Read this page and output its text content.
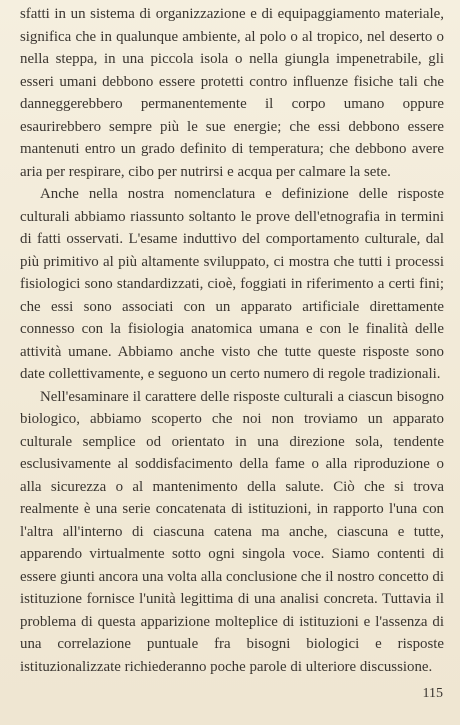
sfatti in un sistema di organizzazione e di equipaggiamento materiale, significa che in qualunque ambiente, al polo o al tropico, nel deserto o nella steppa, in una piccola isola o nella giungla impenetrabile, gli esseri umani debbono essere protetti contro influenze fisiche tali che danneggerebbero permanentemente il corpo umano oppure esaurirebbero sempre più le sue energie; che essi debbono essere mantenuti entro un grado definito di temperatura; che debbono avere aria per respirare, cibo per nutrirsi e acqua per calmare la sete.

Anche nella nostra nomenclatura e definizione delle risposte culturali abbiamo riassunto soltanto le prove dell'etnografia in termini di fatti osservati. L'esame induttivo del comportamento culturale, dal più primitivo al più altamente sviluppato, ci mostra che tutti i processi fisiologici sono standardizzati, cioè, foggiati in riferimento a certi fini; che essi sono associati con un apparato artificiale direttamente connesso con la fisiologia anatomica umana e con le finalità delle attività umane. Abbiamo anche visto che tutte queste risposte sono date collettivamente, e seguono un certo numero di regole tradizionali.

Nell'esaminare il carattere delle risposte culturali a ciascun bisogno biologico, abbiamo scoperto che noi non troviamo un apparato culturale semplice od orientato in una direzione sola, tendente esclusivamente al soddisfacimento della fame o alla riproduzione o alla sicurezza o al mantenimento della salute. Ciò che si trova realmente è una serie concatenata di istituzioni, in rapporto l'una con l'altra all'interno di ciascuna catena ma anche, ciascuna e tutte, apparendo virtualmente sotto ogni singola voce. Siamo contenti di essere giunti ancora una volta alla conclusione che il nostro concetto di istituzione fornisce l'unità legittima di una analisi concreta. Tuttavia il problema di questa apparizione molteplice di istituzioni e l'assenza di una correlazione puntuale fra bisogni biologici e risposte istituzionalizzate richiederanno poche parole di ulteriore discussione.

115
